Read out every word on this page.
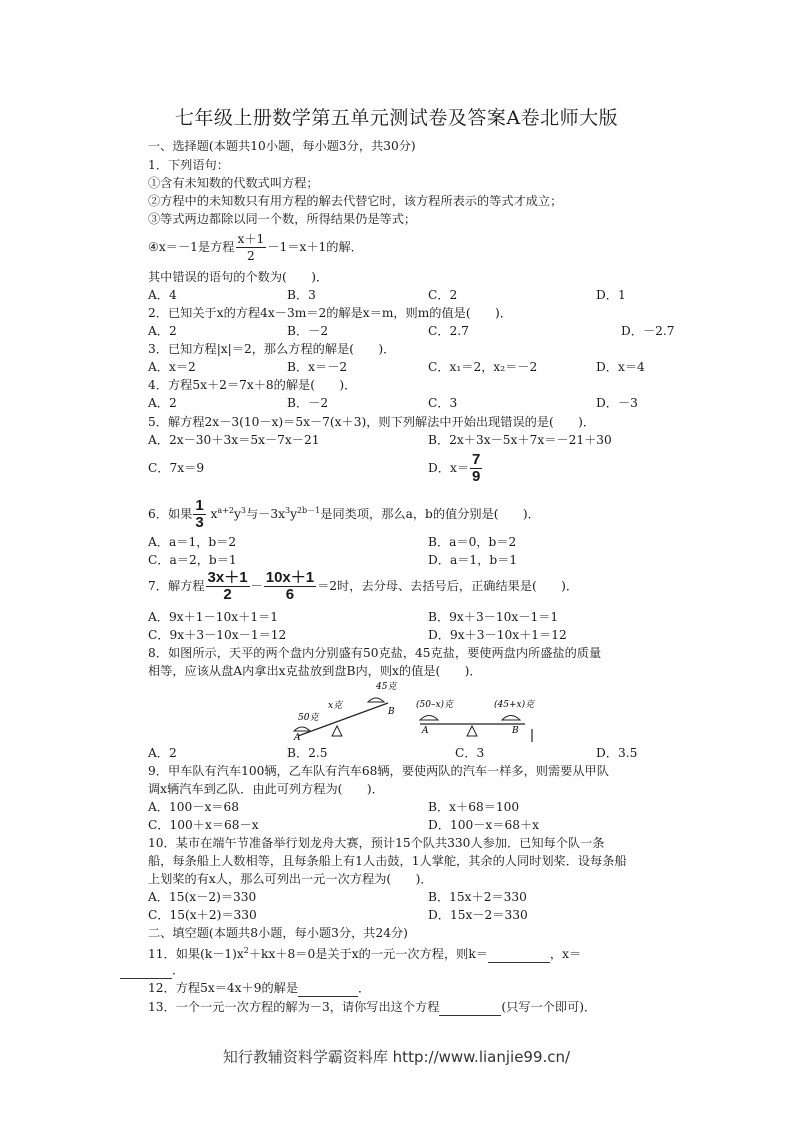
七年级上册数学第五单元测试卷及答案A卷北师大版
一、选择题(本题共10小题，每小题3分，共30分)
1．下列语句：
①含有未知数的代数式叫方程；
②方程中的未知数只有用方程的解去代替它时，该方程所表示的等式才成立；
③等式两边都除以同一个数，所得结果仍是等式；
④x＝－1是方程 $\frac{x+1}{2} -1=x+1$的解．
其中错误的语句的个数为(　　)．
A．4	B．3	C．2	D．1
2．已知关于x的方程4x－3m＝2的解是x＝m，则m的值是(　　)．
A．2	B．－2	C．2.7	D．－2.7
3．已知方程|x|＝2，那么方程的解是(　　)．
A．x＝2	B．x＝－2	C．x₁＝2，x₂＝－2	D．x＝4
4．方程5x＋2＝7x＋8的解是(　　)．
A．2	B．－2	C．3	D．－3
5．解方程2x－3(10－x)＝5x－7(x＋3)，则下列解法中开始出现错误的是(　　)．
A．2x－30＋3x＝5x－7x－21	B．2x＋3x－5x＋7x＝－21＋30
C．7x＝9	D．$x= \frac{7}{9}$
6．如果 $\frac{1}{3} x^{a+2}y^3$与$-3x^3y^{2b-1}$是同类项，那么a，b的值分别是(　　)．
A．a＝1，b＝2	B．a＝0，b＝2
C．a＝2，b＝1	D．a＝1，b＝1
7．解方程 $\frac{3x+1}{2} - \frac{10x+1}{6} =2$时，去分母、去括号后，正确结果是(　　)．
A．9x＋1－10x＋1＝1	B．9x＋3－10x－1＝1
C．9x＋3－10x－1＝12	D．9x＋3－10x＋1＝12
8．如图所示，天平的两个盘内分别盛有50克盐，45克盐，要使两盘内所盛盐的质量
相等，应该从盘A内拿出x克盐放到盘B内，则x的值是(　　)．
45克
x克
50克
A
B
(50–x)克	(45+x)克
A	B
A．2	B．2.5	C．3	D．3.5
9．甲车队有汽车100辆，乙车队有汽车68辆，要使两队的汽车一样多，则需要从甲队
调x辆汽车到乙队．由此可列方程为(　　)．
A．100－x＝68	B．x＋68＝100
C．100＋x＝68－x	D．100－x＝68＋x
10．某市在端午节准备举行划龙舟大赛，预计15个队共330人参加．已知每个队一条
船，每条船上人数相等，且每条船上有1人击鼓，1人掌舵，其余的人同时划桨．设每条船
上划桨的有x人，那么可列出一元一次方程为(　　)．
A．15(x－2)＝330	B．15x＋2＝330
C．15(x＋2)＝330	D．15x－2＝330
二、填空题(本题共8小题，每小题3分，共24分)
11．如果$(k-1)x^2+kx+8=0$是关于x的一元一次方程，则k＝	，x＝
．
12．方程5x＝4x＋9的解是	．
13．一个一元一次方程的解为－3，请你写出这个方程	(只写一个即可)．
知行教辅资料学霸资料库 http://www.lianjie99.cn/
